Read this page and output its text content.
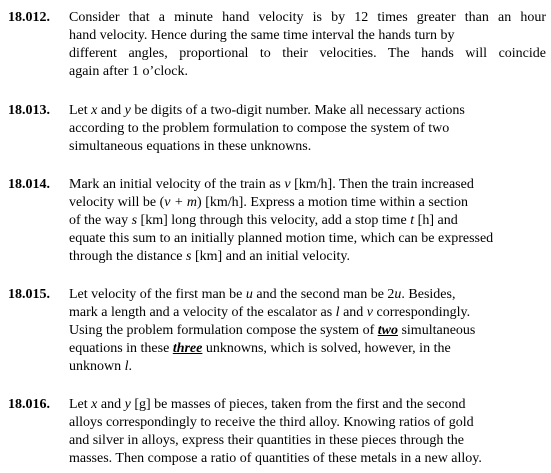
18.012. Consider that a minute hand velocity is by 12 times greater than an hour
hand velocity. Hence during the same time interval the hands turn by
different angles, proportional to their velocities. The hands will coincide
again after 1 o’clock.
18.013. Let x and y be digits of a two-digit number. Make all necessary actions
according to the problem formulation to compose the system of two
simultaneous equations in these unknowns.
18.014. Mark an initial velocity of the train as v [km/h]. Then the train increased
velocity will be (v + m) [km/h]. Express a motion time within a section
of the way s [km] long through this velocity, add a stop time t [h] and
equate this sum to an initially planned motion time, which can be expressed
through the distance s [km] and an initial velocity.
18.015. Let velocity of the first man be u and the second man be 2u. Besides,
mark a length and a velocity of the escalator as l and v correspondingly.
Using the problem formulation compose the system of two simultaneous
equations in these three unknowns, which is solved, however, in the
unknown l.
18.016. Let x and y [g] be masses of pieces, taken from the first and the second
alloys correspondingly to receive the third alloy. Knowing ratios of gold
and silver in alloys, express their quantities in these pieces through the
masses. Then compose a ratio of quantities of these metals in a new alloy.
